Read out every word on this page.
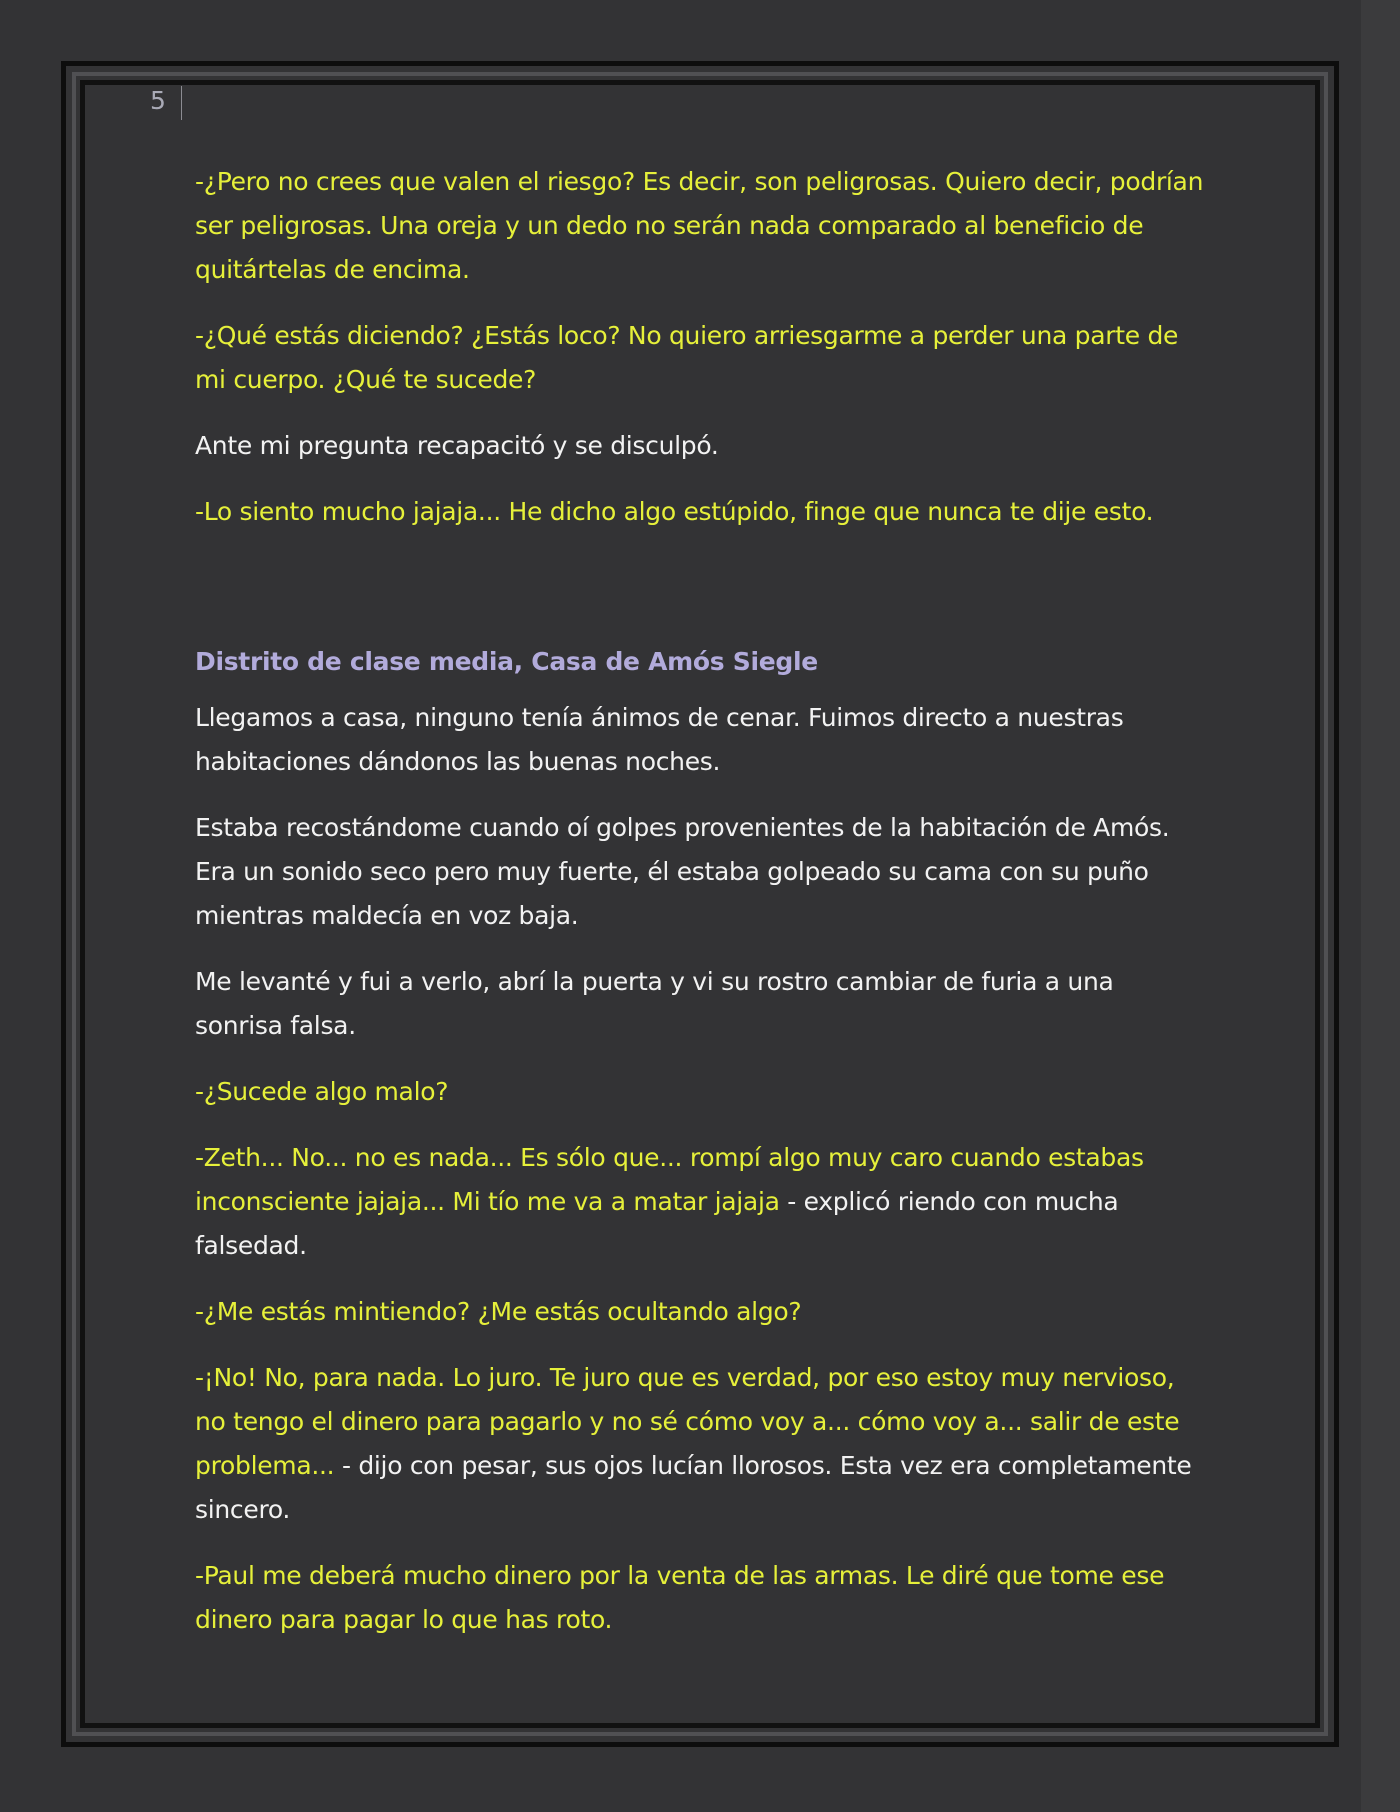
5

-¿Pero no crees que valen el riesgo? Es decir, son peligrosas. Quiero decir, podrían ser peligrosas. Una oreja y un dedo no serán nada comparado al beneficio de quitártelas de encima.

-¿Qué estás diciendo? ¿Estás loco? No quiero arriesgarme a perder una parte de mi cuerpo. ¿Qué te sucede?

Ante mi pregunta recapacitó y se disculpó.

-Lo siento mucho jajaja... He dicho algo estúpido, finge que nunca te dije esto.

Distrito de clase media, Casa de Amós Siegle

Llegamos a casa, ninguno tenía ánimos de cenar. Fuimos directo a nuestras habitaciones dándonos las buenas noches.

Estaba recostándome cuando oí golpes provenientes de la habitación de Amós. Era un sonido seco pero muy fuerte, él estaba golpeado su cama con su puño mientras maldecía en voz baja.

Me levanté y fui a verlo, abrí la puerta y vi su rostro cambiar de furia a una sonrisa falsa.

-¿Sucede algo malo?

-Zeth... No... no es nada... Es sólo que... rompí algo muy caro cuando estabas inconsciente jajaja... Mi tío me va a matar jajaja - explicó riendo con mucha falsedad.

-¿Me estás mintiendo? ¿Me estás ocultando algo?

-¡No! No, para nada. Lo juro. Te juro que es verdad, por eso estoy muy nervioso, no tengo el dinero para pagarlo y no sé cómo voy a... cómo voy a... salir de este problema... - dijo con pesar, sus ojos lucían llorosos. Esta vez era completamente sincero.

-Paul me deberá mucho dinero por la venta de las armas. Le diré que tome ese dinero para pagar lo que has roto.
